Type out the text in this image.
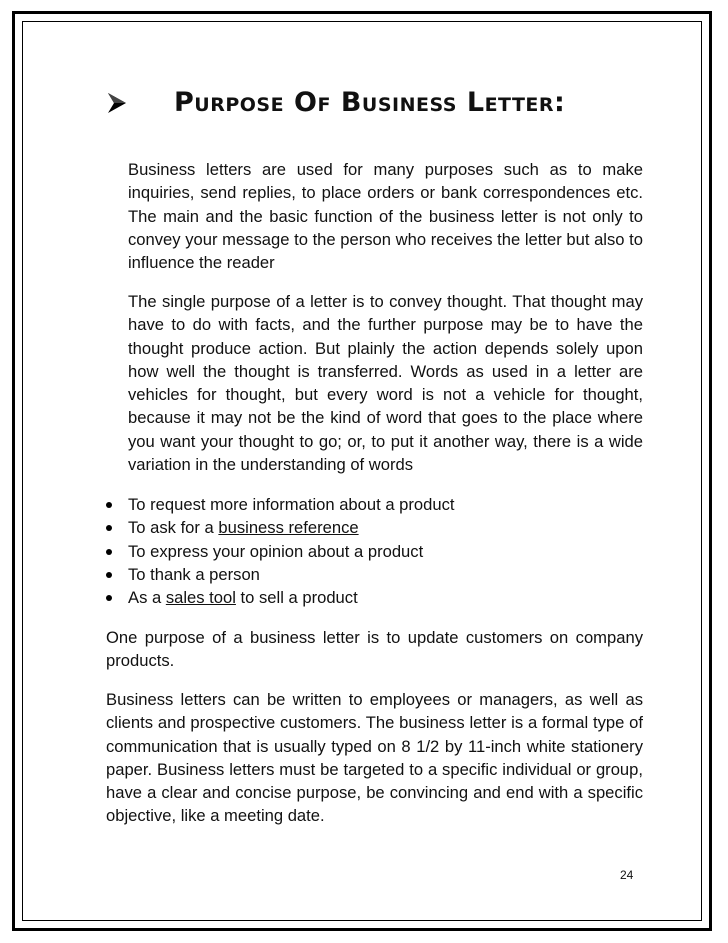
Purpose Of Business Letter:

Business letters are used for many purposes such as to make inquiries, send replies, to place orders or bank correspondences etc. The main and the basic function of the business letter is not only to convey your message to the person who receives the letter but also to influence the reader

The single purpose of a letter is to convey thought. That thought may have to do with facts, and the further purpose may be to have the thought produce action. But plainly the action depends solely upon how well the thought is transferred. Words as used in a letter are vehicles for thought, but every word is not a vehicle for thought, because it may not be the kind of word that goes to the place where you want your thought to go; or, to put it another way, there is a wide variation in the understanding of words

To request more information about a product
To ask for a business reference
To express your opinion about a product
To thank a person
As a sales tool to sell a product

One purpose of a business letter is to update customers on company products.

Business letters can be written to employees or managers, as well as clients and prospective customers. The business letter is a formal type of communication that is usually typed on 8 1/2 by 11-inch white stationery paper. Business letters must be targeted to a specific individual or group, have a clear and concise purpose, be convincing and end with a specific objective, like a meeting date.

24
